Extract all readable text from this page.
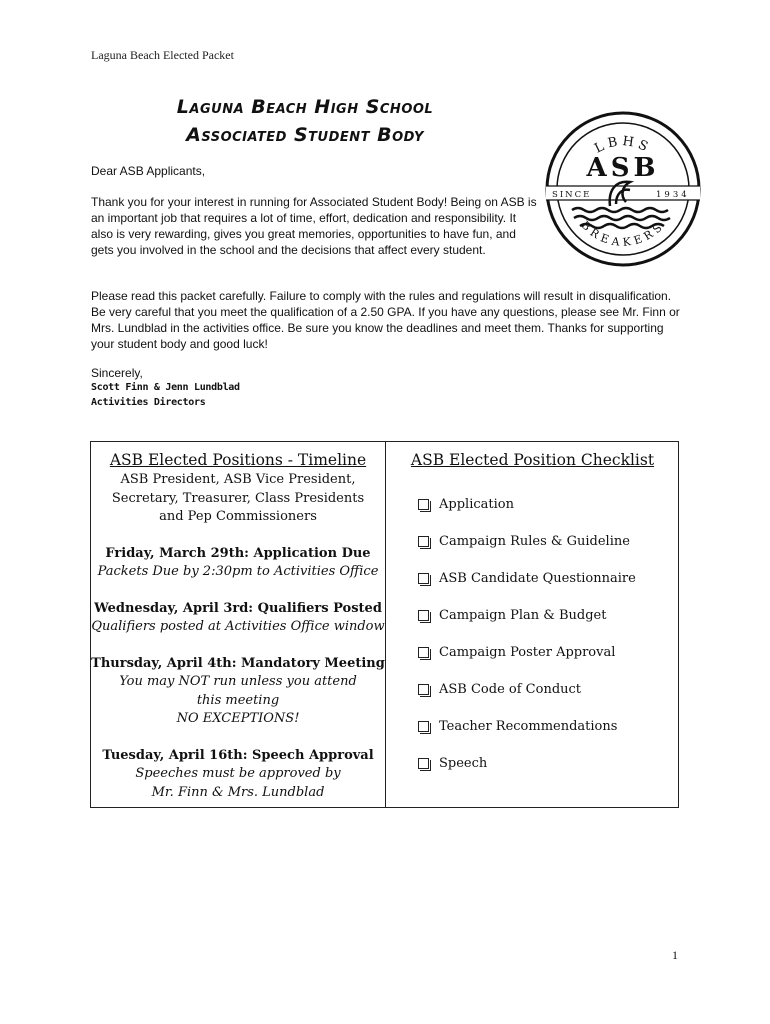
Laguna Beach Elected Packet
Laguna Beach High School
Associated Student Body
LBHS
ASB
SINCE	1934
BREAKERS
Dear ASB Applicants,
Thank you for your interest in running for Associated Student Body! Being on ASB is an important job that requires a lot of time, effort, dedication and responsibility. It also is very rewarding, gives you great memories, opportunities to have fun, and gets you involved in the school and the decisions that affect every student.
Please read this packet carefully. Failure to comply with the rules and regulations will result in disqualification. Be very careful that you meet the qualification of a 2.50 GPA. If you have any questions, please see Mr. Finn or Mrs. Lundblad in the activities office. Be sure you know the deadlines and meet them. Thanks for supporting your student body and good luck!
Sincerely,
Scott Finn & Jenn Lundblad
Activities Directors
ASB Elected Positions - Timeline
ASB President, ASB Vice President, Secretary, Treasurer, Class Presidents and Pep Commissioners
Friday, March 29th: Application Due
Packets Due by 2:30pm to Activities Office
Wednesday, April 3rd: Qualifiers Posted
Qualifiers posted at Activities Office window
Thursday, April 4th: Mandatory Meeting
You may NOT run unless you attend this meeting
NO EXCEPTIONS!
Tuesday, April 16th: Speech Approval
Speeches must be approved by
Mr. Finn & Mrs. Lundblad
ASB Elected Position Checklist
Application
Campaign Rules & Guideline
ASB Candidate Questionnaire
Campaign Plan & Budget
Campaign Poster Approval
ASB Code of Conduct
Teacher Recommendations
Speech
1
